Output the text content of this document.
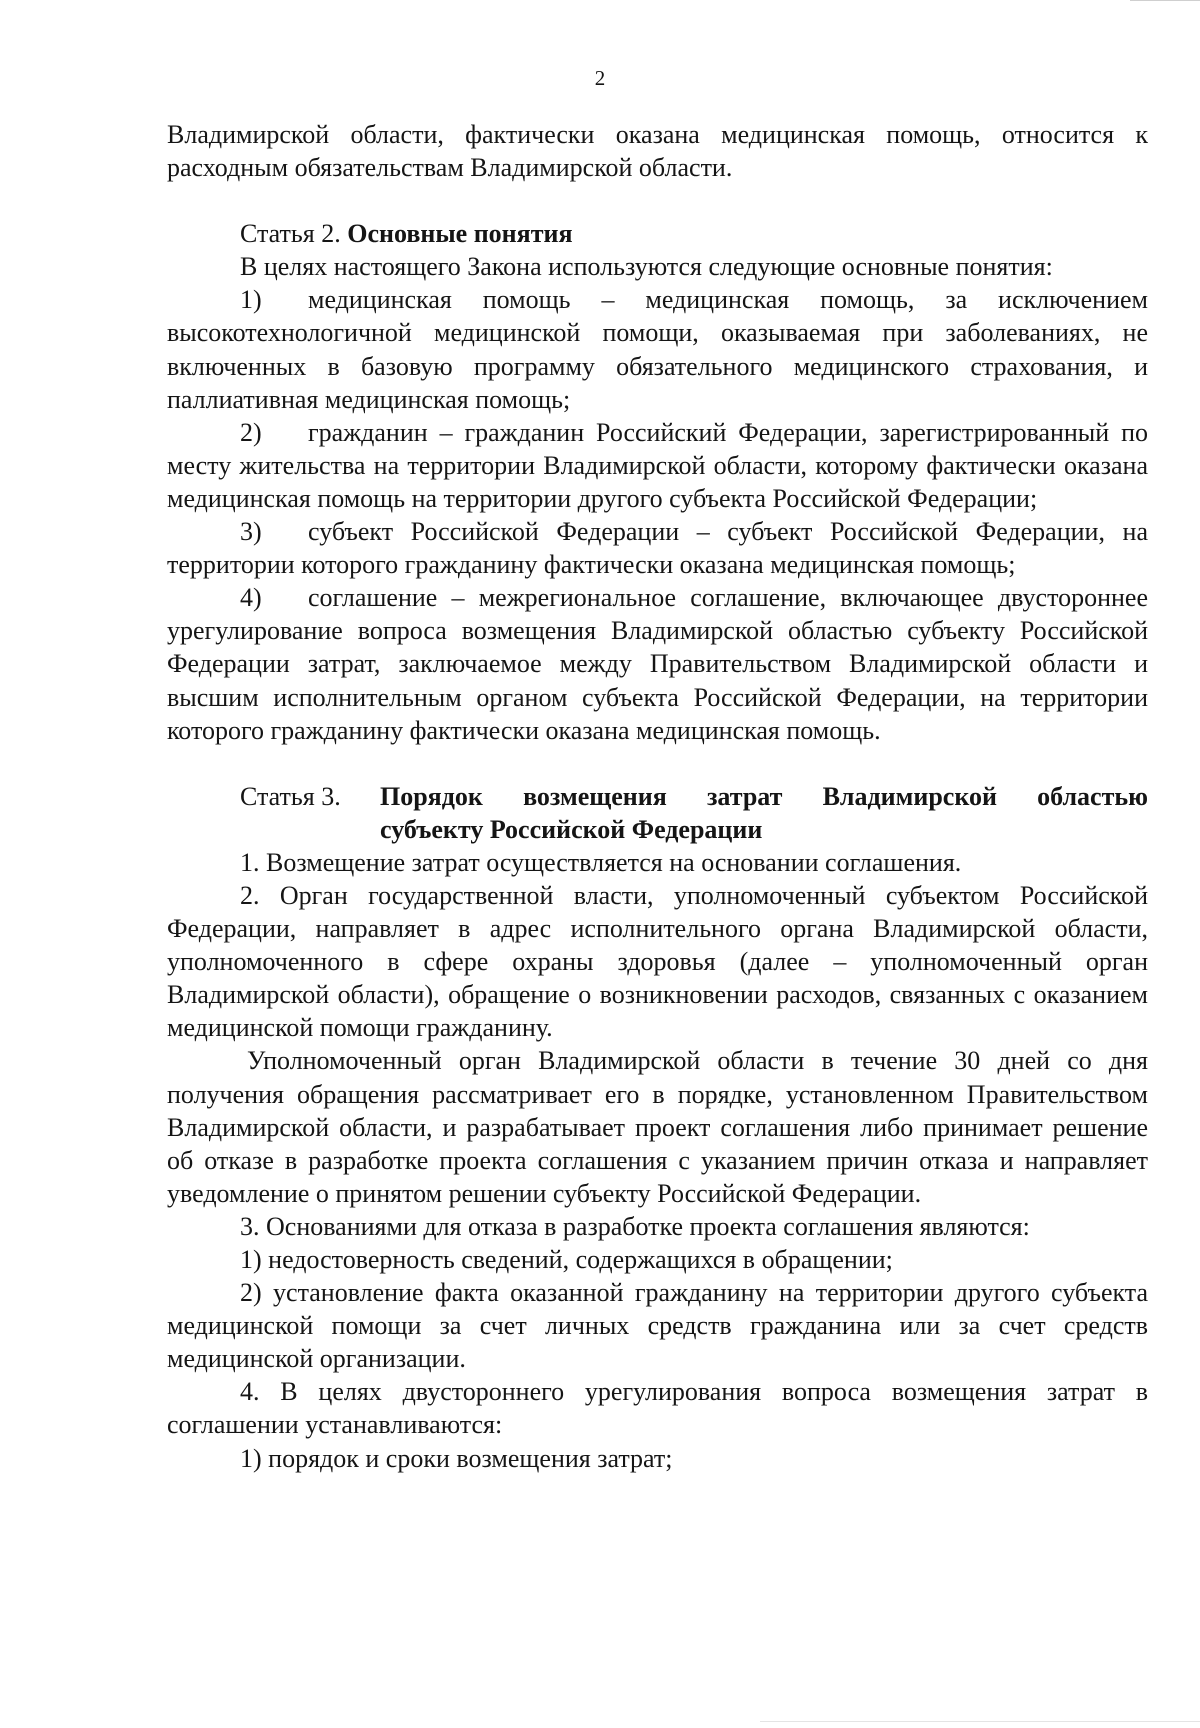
2

Владимирской области, фактически оказана медицинская помощь, относится к расходным обязательствам Владимирской области.

Статья 2. Основные понятия

В целях настоящего Закона используются следующие основные понятия:

1) медицинская помощь – медицинская помощь, за исключением высокотехнологичной медицинской помощи, оказываемая при заболеваниях, не включенных в базовую программу обязательного медицинского страхования, и паллиативная медицинская помощь;

2) гражданин – гражданин Российский Федерации, зарегистрированный по месту жительства на территории Владимирской области, которому фактически оказана медицинская помощь на территории другого субъекта Российской Федерации;

3) субъект Российской Федерации – субъект Российской Федерации, на территории которого гражданину фактически оказана медицинская помощь;

4) соглашение – межрегиональное соглашение, включающее двустороннее урегулирование вопроса возмещения Владимирской областью субъекту Российской Федерации затрат, заключаемое между Правительством Владимирской области и высшим исполнительным органом субъекта Российской Федерации, на территории которого гражданину фактически оказана медицинская помощь.

Статья 3. Порядок возмещения затрат Владимирской областью
субъекту Российской Федерации

1. Возмещение затрат осуществляется на основании соглашения.

2. Орган государственной власти, уполномоченный субъектом Российской Федерации, направляет в адрес исполнительного органа Владимирской области, уполномоченного в сфере охраны здоровья (далее – уполномоченный орган Владимирской области), обращение о возникновении расходов, связанных с оказанием медицинской помощи гражданину.

Уполномоченный орган Владимирской области в течение 30 дней со дня получения обращения рассматривает его в порядке, установленном Правительством Владимирской области, и разрабатывает проект соглашения либо принимает решение об отказе в разработке проекта соглашения с указанием причин отказа и направляет уведомление о принятом решении субъекту Российской Федерации.

3. Основаниями для отказа в разработке проекта соглашения являются:

1) недостоверность сведений, содержащихся в обращении;

2) установление факта оказанной гражданину на территории другого субъекта медицинской помощи за счет личных средств гражданина или за счет средств медицинской организации.

4. В целях двустороннего урегулирования вопроса возмещения затрат в соглашении устанавливаются:

1) порядок и сроки возмещения затрат;
